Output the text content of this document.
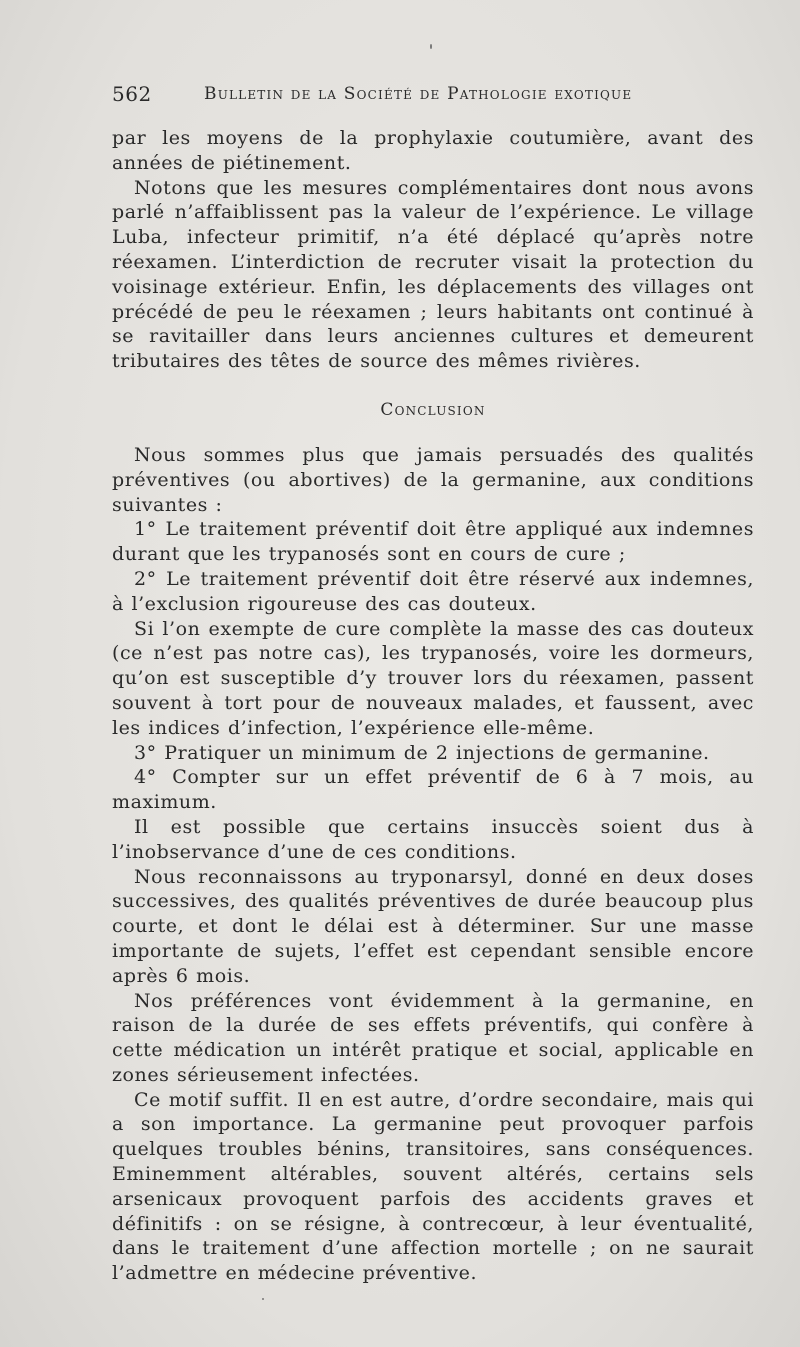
562	Bulletin de la Société de Pathologie exotique

par les moyens de la prophylaxie coutumière, avant des années de piétinement.

Notons que les mesures complémentaires dont nous avons parlé n’affaiblissent pas la valeur de l’expérience. Le village Luba, infecteur primitif, n’a été déplacé qu’après notre réexamen. L’interdiction de recruter visait la protection du voisinage extérieur. Enfin, les déplacements des villages ont précédé de peu le réexamen ; leurs habitants ont continué à se ravitailler dans leurs anciennes cultures et demeurent tributaires des têtes de source des mêmes rivières.

Conclusion

Nous sommes plus que jamais persuadés des qualités préventives (ou abortives) de la germanine, aux conditions suivantes :

1° Le traitement préventif doit être appliqué aux indemnes durant que les trypanosés sont en cours de cure ;

2° Le traitement préventif doit être réservé aux indemnes, à l’exclusion rigoureuse des cas douteux.

Si l’on exempte de cure complète la masse des cas douteux (ce n’est pas notre cas), les trypanosés, voire les dormeurs, qu’on est susceptible d’y trouver lors du réexamen, passent souvent à tort pour de nouveaux malades, et faussent, avec les indices d’infection, l’expérience elle-même.

3° Pratiquer un minimum de 2 injections de germanine.

4° Compter sur un effet préventif de 6 à 7 mois, au maximum.

Il est possible que certains insuccès soient dus à l’inobservance d’une de ces conditions.

Nous reconnaissons au tryponarsyl, donné en deux doses successives, des qualités préventives de durée beaucoup plus courte, et dont le délai est à déterminer. Sur une masse importante de sujets, l’effet est cependant sensible encore après 6 mois.

Nos préférences vont évidemment à la germanine, en raison de la durée de ses effets préventifs, qui confère à cette médication un intérêt pratique et social, applicable en zones sérieusement infectées.

Ce motif suffit. Il en est autre, d’ordre secondaire, mais qui a son importance. La germanine peut provoquer parfois quelques troubles bénins, transitoires, sans conséquences. Eminemment altérables, souvent altérés, certains sels arsenicaux provoquent parfois des accidents graves et définitifs : on se résigne, à contrecœur, à leur éventualité, dans le traitement d’une affection mortelle ; on ne saurait l’admettre en médecine préventive.
